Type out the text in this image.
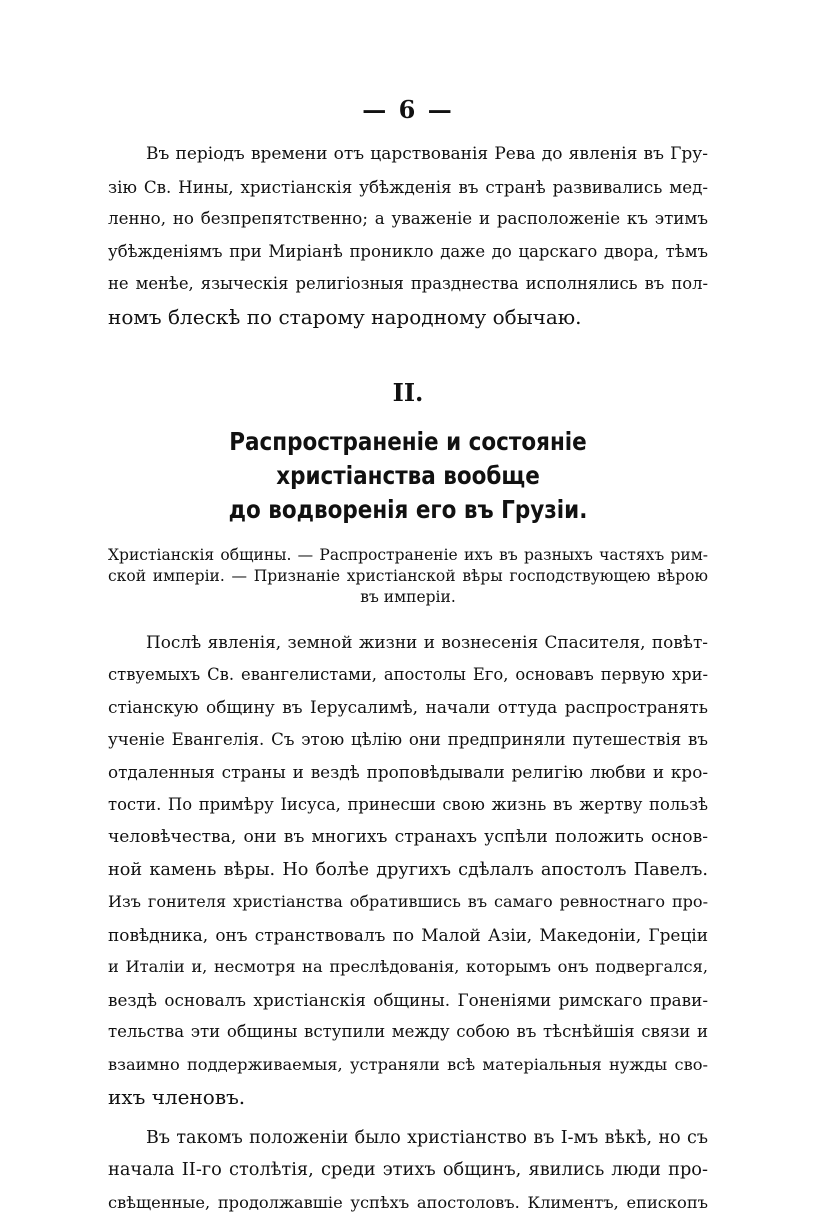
— 6 —
Въ періодъ времени отъ царствованія Рева до явленія въ Гру-
зію Св. Нины, христіанскія убѣжденія въ странѣ развивались мед-
ленно, но безпрепятственно; а уваженіе и расположеніе къ этимъ
убѣжденіямъ при Миріанѣ проникло даже до царскаго двора, тѣмъ
не менѣе, языческія религіозныя празднества исполнялись въ пол-
номъ блескѣ по старому народному обычаю.
II.
Распространеніе и состояніе христіанства вообще
до водворенія его въ Грузіи.
Христіанскія общины. — Распространеніе ихъ въ разныхъ частяхъ рим-
ской имперіи. — Признаніе христіанской вѣры господствующею вѣрою
въ имперіи.
Послѣ явленія, земной жизни и вознесенія Спасителя, повѣт-
ствуемыхъ Св. евангелистами, апостолы Его, основавъ первую хри-
стіанскую общину въ Іерусалимѣ, начали оттуда распространять
ученіе Евангелія. Съ этою цѣлію они предприняли путешествія въ
отдаленныя страны и вездѣ проповѣдывали религію любви и кро-
тости. По примѣру Іисуса, принесши свою жизнь въ жертву пользѣ
человѣчества, они въ многихъ странахъ успѣли положить основ-
ной камень вѣры. Но болѣе другихъ сдѣлалъ апостолъ Павелъ.
Изъ гонителя христіанства обратившись въ самаго ревностнаго про-
повѣдника, онъ странствовалъ по Малой Азіи, Македоніи, Греціи
и Италіи и, несмотря на преслѣдованія, которымъ онъ подвергался,
вездѣ основалъ христіанскія общины. Гоненіями римскаго прави-
тельства эти общины вступили между собою въ тѣснѣйшія связи и
взаимно поддерживаемыя, устраняли всѣ матеріальныя нужды сво-
ихъ членовъ.
Въ такомъ положеніи было христіанство въ І-мъ вѣкѣ, но съ
начала ІІ-го столѣтія, среди этихъ общинъ, явились люди про-
свѣщенные, продолжавшіе успѣхъ апостоловъ. Климентъ, епископъ
